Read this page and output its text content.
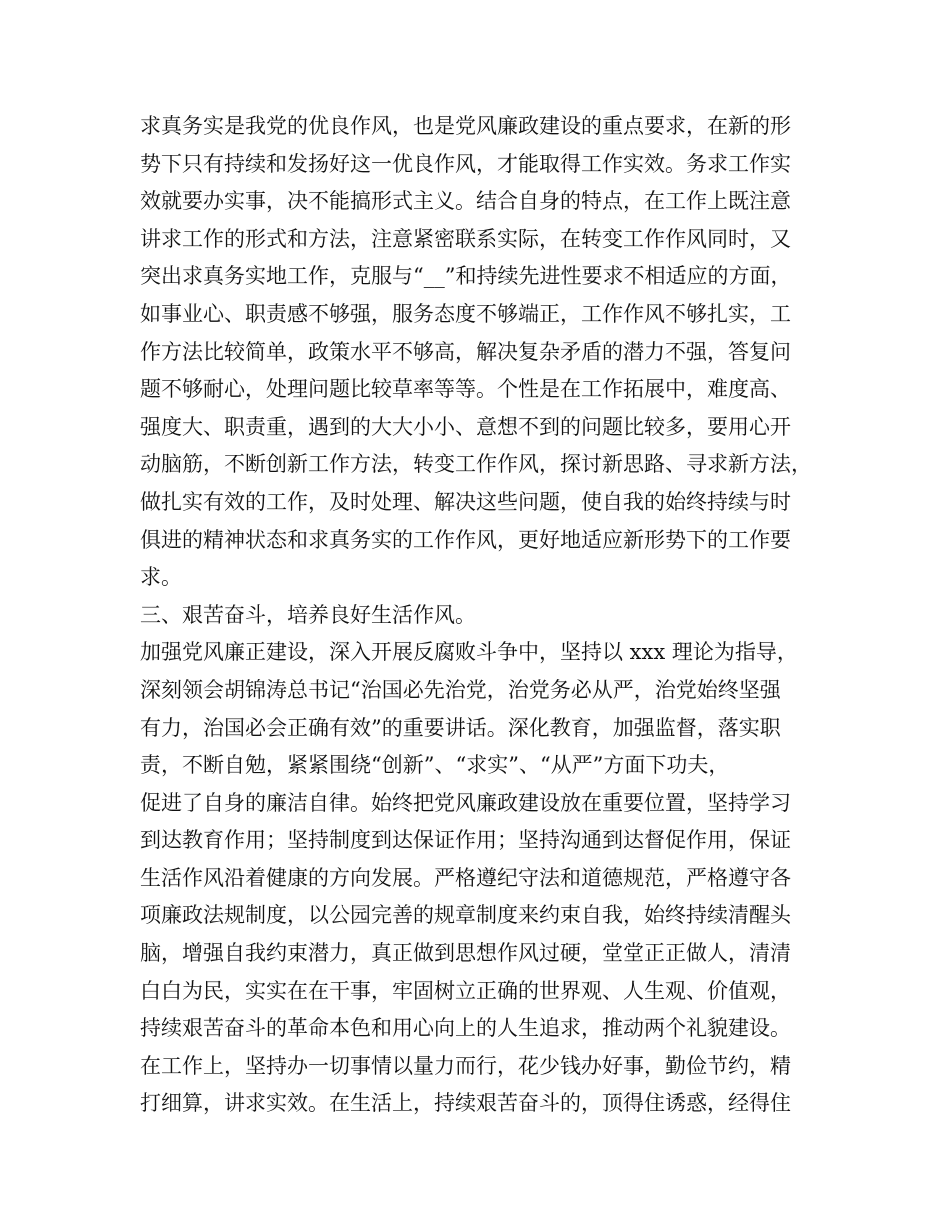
求真务实是我党的优良作风，也是党风廉政建设的重点要求，在新的形
势下只有持续和发扬好这一优良作风，才能取得工作实效。务求工作实
效就要办实事，决不能搞形式主义。结合自身的特点，在工作上既注意
讲求工作的形式和方法，注意紧密联系实际，在转变工作作风同时，又
突出求真务实地工作，克服与“__”和持续先进性要求不相适应的方面，
如事业心、职责感不够强，服务态度不够端正，工作作风不够扎实，工
作方法比较简单，政策水平不够高，解决复杂矛盾的潜力不强，答复问
题不够耐心，处理问题比较草率等等。个性是在工作拓展中，难度高、
强度大、职责重，遇到的大大小小、意想不到的问题比较多，要用心开
动脑筋，不断创新工作方法，转变工作作风，探讨新思路、寻求新方法，
做扎实有效的工作，及时处理、解决这些问题，使自我的始终持续与时
俱进的精神状态和求真务实的工作作风，更好地适应新形势下的工作要
求。
三、艰苦奋斗，培养良好生活作风。
加强党风廉正建设，深入开展反腐败斗争中，坚持以 xxx 理论为指导，
深刻领会胡锦涛总书记“治国必先治党，治党务必从严，治党始终坚强
有力，治国必会正确有效”的重要讲话。深化教育，加强监督，落实职
责，不断自勉，紧紧围绕“创新”、“求实”、“从严”方面下功夫，
促进了自身的廉洁自律。始终把党风廉政建设放在重要位置，坚持学习
到达教育作用；坚持制度到达保证作用；坚持沟通到达督促作用，保证
生活作风沿着健康的方向发展。严格遵纪守法和道德规范，严格遵守各
项廉政法规制度，以公园完善的规章制度来约束自我，始终持续清醒头
脑，增强自我约束潜力，真正做到思想作风过硬，堂堂正正做人，清清
白白为民，实实在在干事，牢固树立正确的世界观、人生观、价值观，
持续艰苦奋斗的革命本色和用心向上的人生追求，推动两个礼貌建设。
在工作上，坚持办一切事情以量力而行，花少钱办好事，勤俭节约，精
打细算，讲求实效。在生活上，持续艰苦奋斗的，顶得住诱惑，经得住
